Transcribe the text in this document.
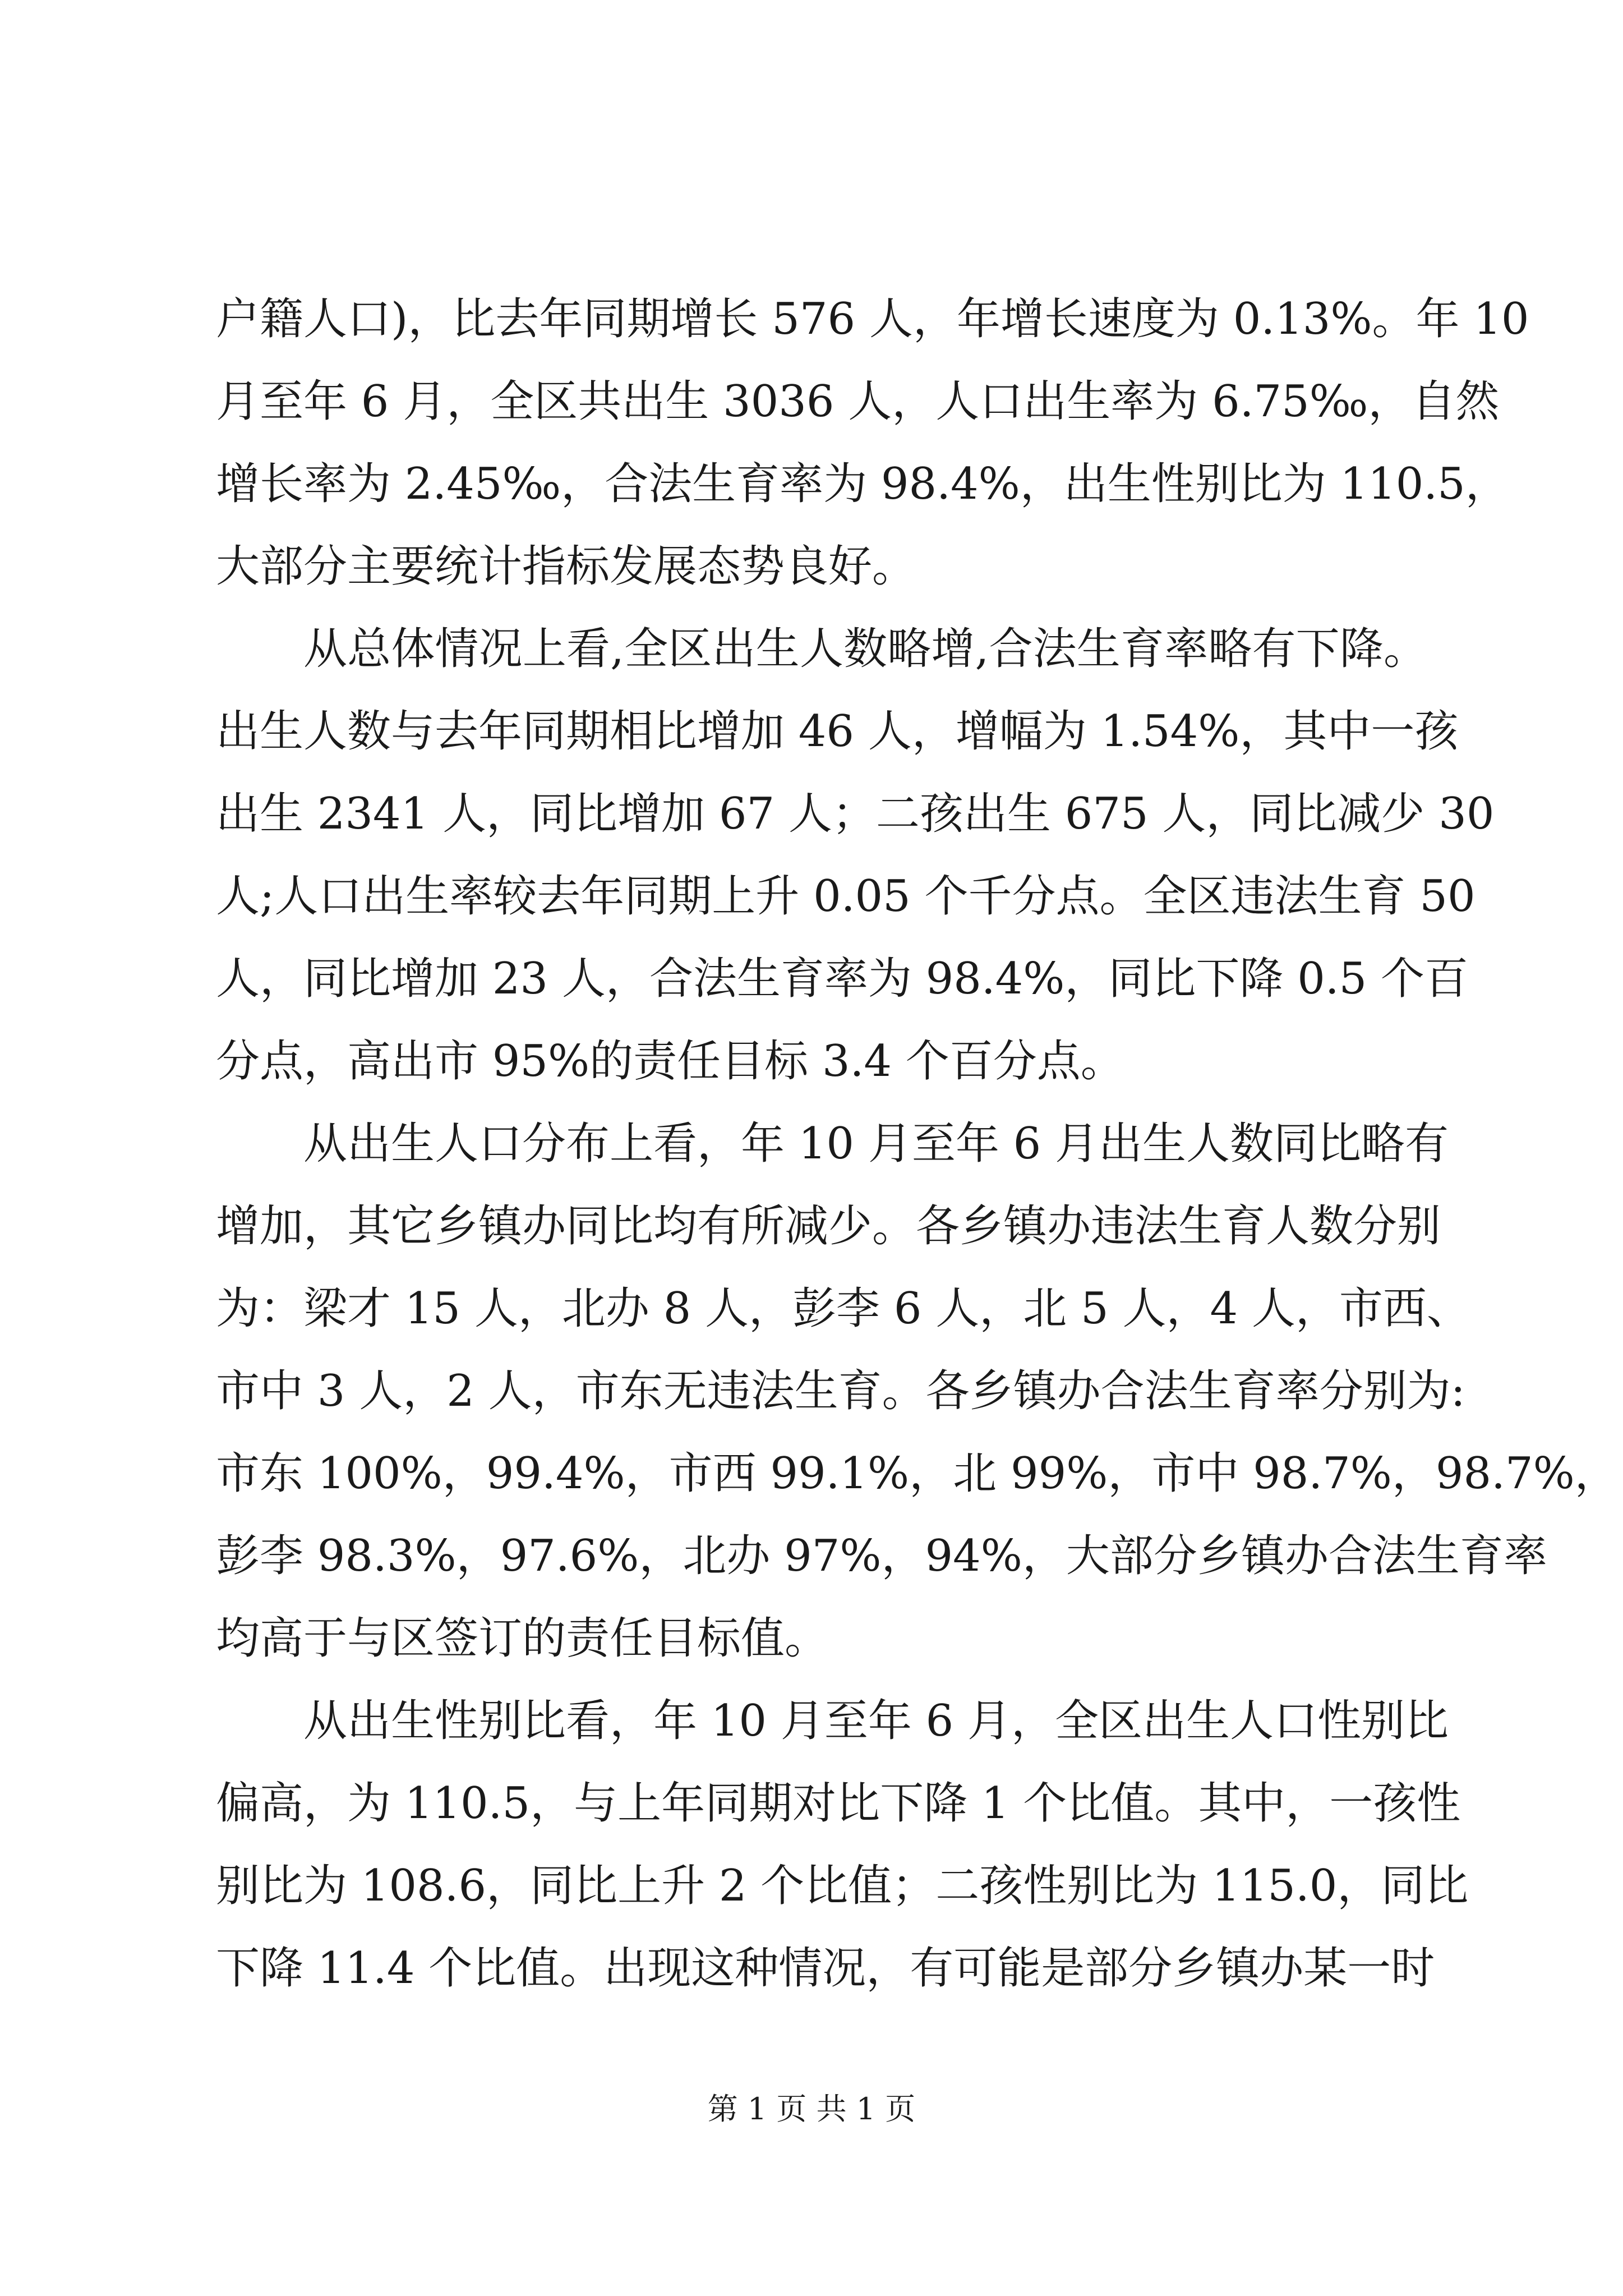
户籍人口)，比去年同期增长 576 人，年增长速度为 0.13%。年 10
月至年 6 月，全区共出生 3036 人，人口出生率为 6.75‰，自然
增长率为 2.45‰，合法生育率为 98.4%，出生性别比为 110.5，
大部分主要统计指标发展态势良好。
从总体情况上看,全区出生人数略增,合法生育率略有下降。
出生人数与去年同期相比增加 46 人，增幅为 1.54%，其中一孩
出生 2341 人，同比增加 67 人；二孩出生 675 人，同比减少 30
人;人口出生率较去年同期上升 0.05 个千分点。全区违法生育 50
人，同比增加 23 人，合法生育率为 98.4%，同比下降 0.5 个百
分点，高出市 95%的责任目标 3.4 个百分点。
从出生人口分布上看，年 10 月至年 6 月出生人数同比略有
增加，其它乡镇办同比均有所减少。各乡镇办违法生育人数分别
为：梁才 15 人，北办 8 人，彭李 6 人，北 5 人，4 人，市西、
市中 3 人，2 人，市东无违法生育。各乡镇办合法生育率分别为:
市东 100%，99.4%，市西 99.1%，北 99%，市中 98.7%，98.7%，
彭李 98.3%，97.6%，北办 97%，94%，大部分乡镇办合法生育率
均高于与区签订的责任目标值。
从出生性别比看，年 10 月至年 6 月，全区出生人口性别比
偏高，为 110.5，与上年同期对比下降 1 个比值。其中，一孩性
别比为 108.6，同比上升 2 个比值；二孩性别比为 115.0，同比
下降 11.4 个比值。出现这种情况，有可能是部分乡镇办某一时
第 1 页 共 1 页
